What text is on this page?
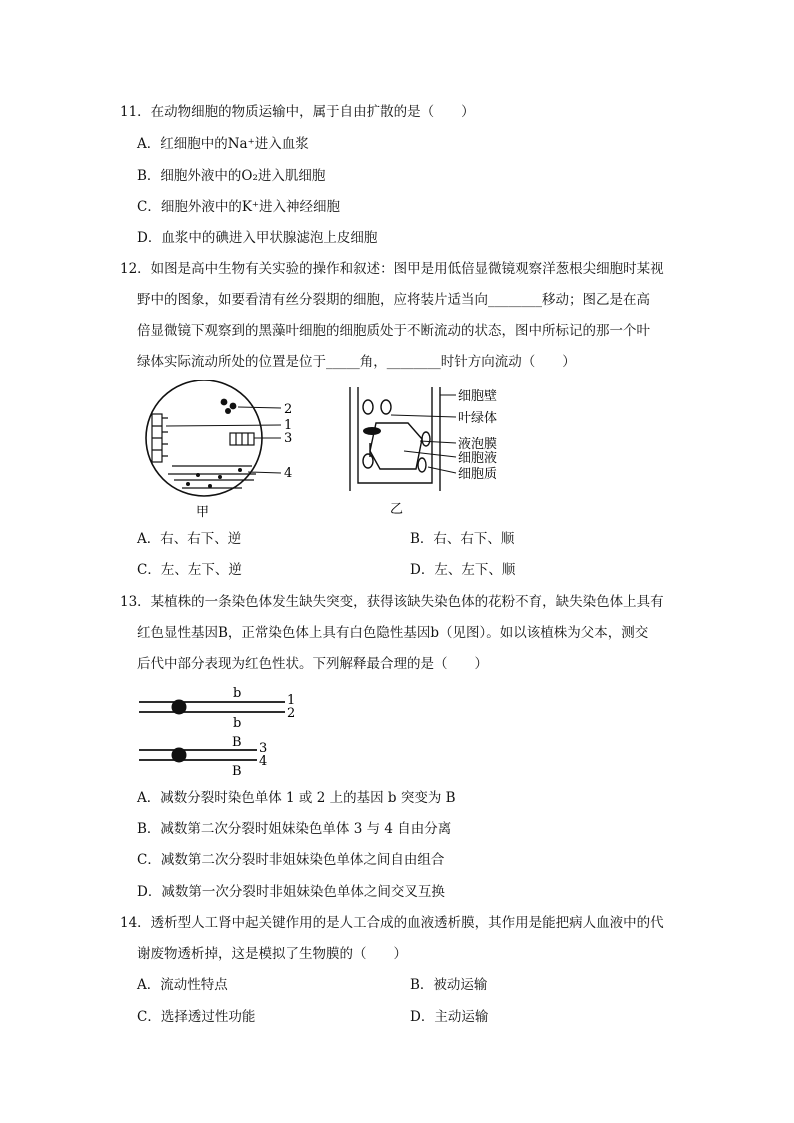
11．在动物细胞的物质运输中，属于自由扩散的是（　　）
A．红细胞中的Na⁺进入血浆
B．细胞外液中的O₂进入肌细胞
C．细胞外液中的K⁺进入神经细胞
D．血浆中的碘进入甲状腺滤泡上皮细胞
12．如图是高中生物有关实验的操作和叙述：图甲是用低倍显微镜观察洋葱根尖细胞时某视
野中的图象，如要看清有丝分裂期的细胞，应将装片适当向________移动；图乙是在高
倍显微镜下观察到的黑藻叶细胞的细胞质处于不断流动的状态，图中所标记的那一个叶
绿体实际流动所处的位置是位于_____角，________时针方向流动（　　）
2
1
3
4
甲
细胞壁
叶绿体
液泡膜
细胞液
细胞质
乙
A．右、右下、逆	B．右、右下、顺
C．左、左下、逆	D．左、左下、顺
13．某植株的一条染色体发生缺失突变，获得该缺失染色体的花粉不育，缺失染色体上具有
红色显性基因B，正常染色体上具有白色隐性基因b（见图）。如以该植株为父本，测交
后代中部分表现为红色性状。下列解释最合理的是（　　）
b
b
B
B
1
2
3
4
A．减数分裂时染色单体 1 或 2 上的基因 b 突变为 B
B．减数第二次分裂时姐妹染色单体 3 与 4 自由分离
C．减数第二次分裂时非姐妹染色单体之间自由组合
D．减数第一次分裂时非姐妹染色单体之间交叉互换
14．透析型人工肾中起关键作用的是人工合成的血液透析膜，其作用是能把病人血液中的代
谢废物透析掉，这是模拟了生物膜的（　　）
A．流动性特点	B．被动运输
C．选择透过性功能	D．主动运输
